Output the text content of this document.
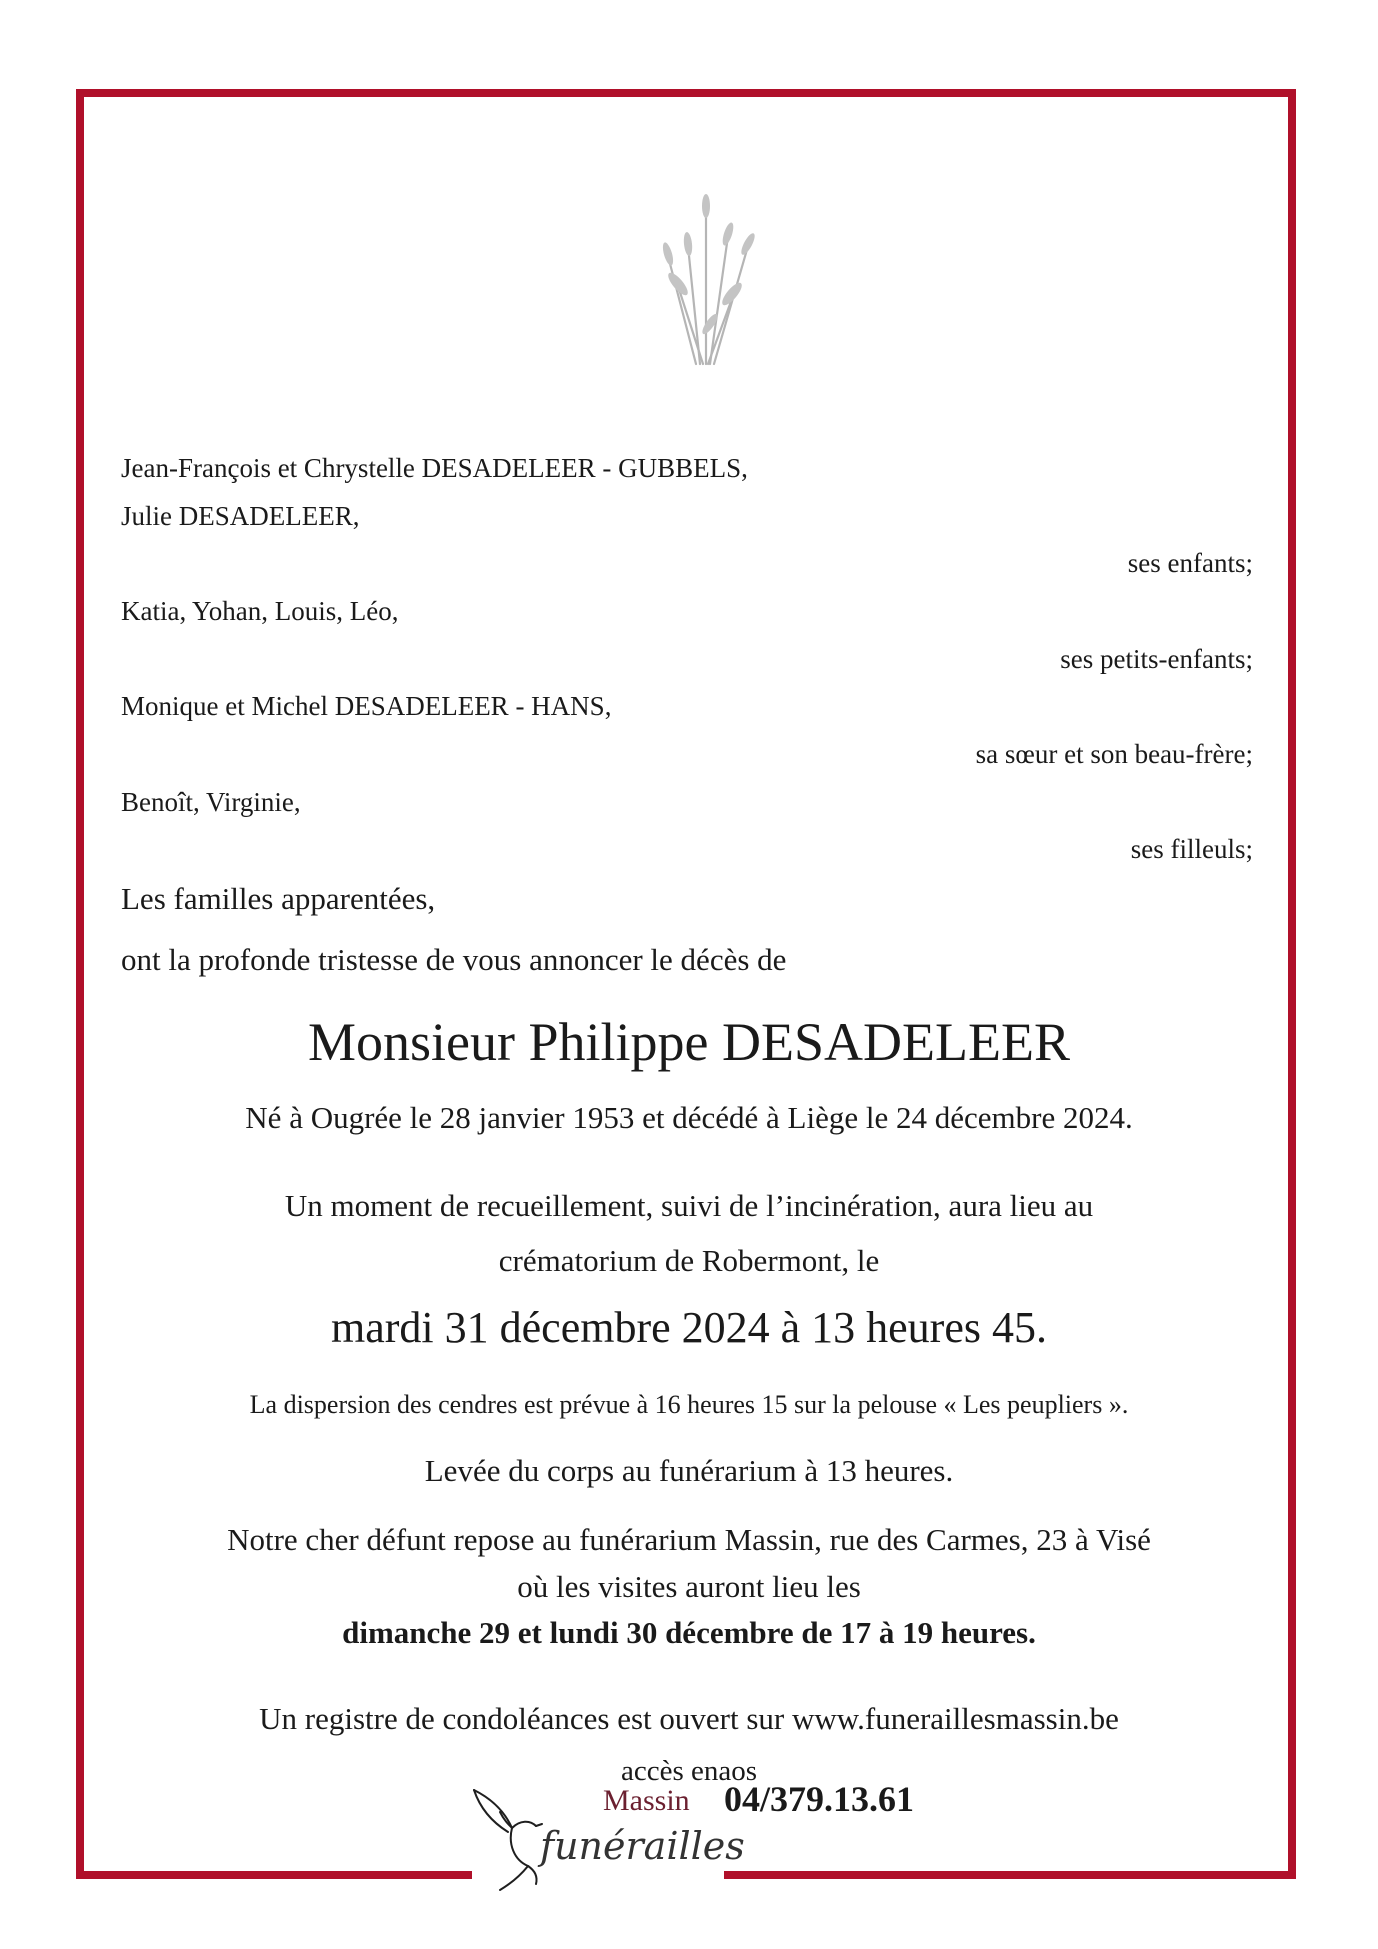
Jean-François et Chrystelle DESADELEER - GUBBELS,
Julie DESADELEER,
ses enfants;
Katia, Yohan, Louis, Léo,
ses petits-enfants;
Monique et Michel DESADELEER - HANS,
sa sœur et son beau-frère;
Benoît, Virginie,
ses filleuls;
Les familles apparentées,
ont la profonde tristesse de vous annoncer le décès de
Monsieur Philippe DESADELEER
Né à Ougrée le 28 janvier 1953 et décédé à Liège le 24 décembre 2024.
Un moment de recueillement, suivi de l’incinération, aura lieu au
crématorium de Robermont, le
mardi 31 décembre 2024 à 13 heures 45.
La dispersion des cendres est prévue à 16 heures 15 sur la pelouse « Les peupliers ».
Levée du corps au funérarium à 13 heures.
Notre cher défunt repose au funérarium Massin, rue des Carmes, 23 à Visé
où les visites auront lieu les
dimanche 29 et lundi 30 décembre de 17 à 19 heures.
Un registre de condoléances est ouvert sur www.funeraillesmassin.be
accès enaos
Massin
funérailles
04/379.13.61
